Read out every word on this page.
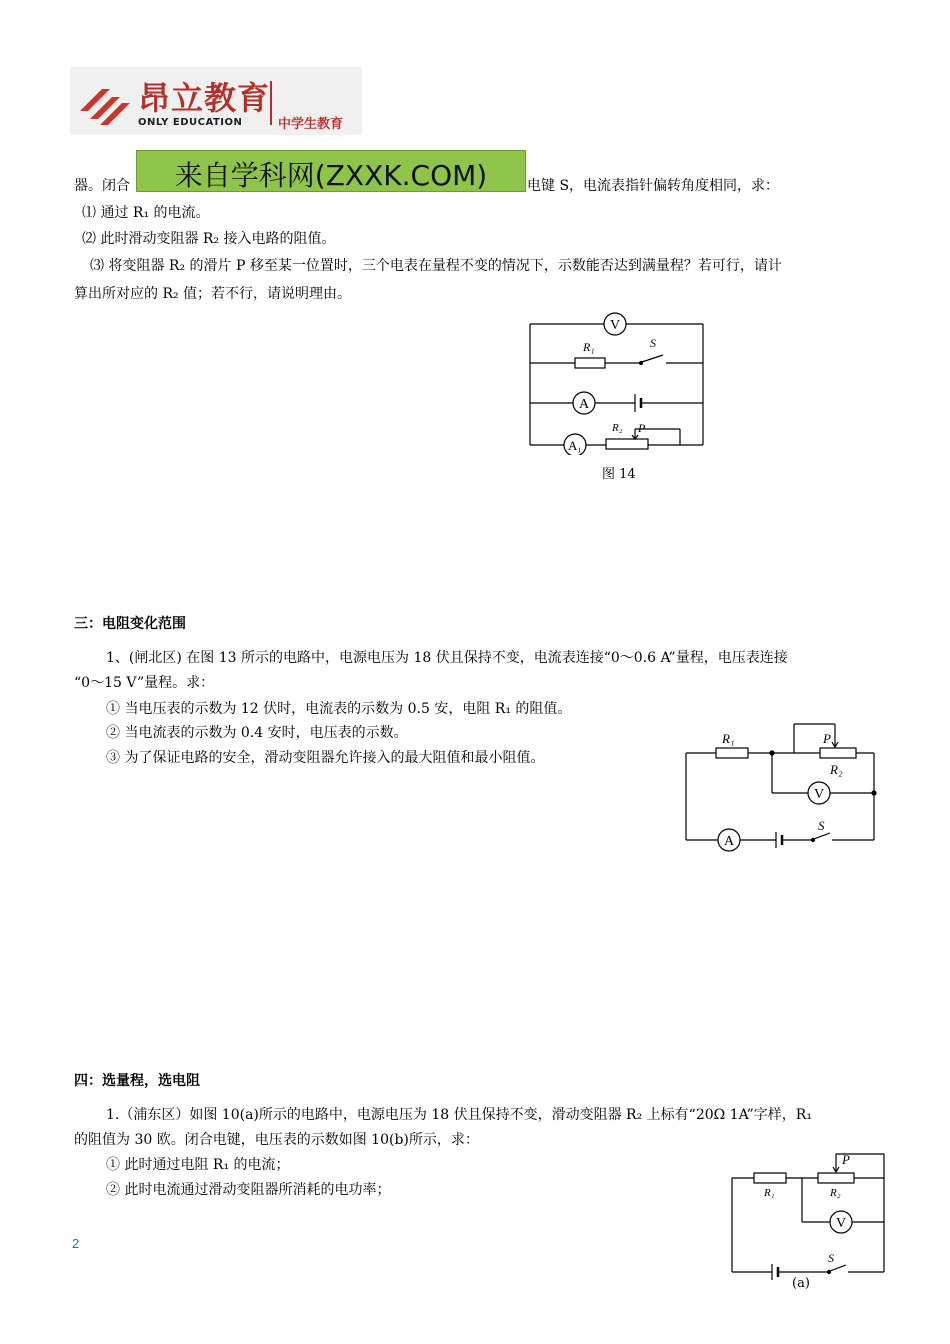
昂立教育
ONLY EDUCATION	中学生教育
器。闭合	来自学科网(ZXXK.COM)	电键 S，电流表指针偏转角度相同，求：
⑴ 通过 R₁ 的电流。
⑵ 此时滑动变阻器 R₂ 接入电路的阻值。
⑶ 将变阻器 R₂ 的滑片 P 移至某一位置时，三个电表在量程不变的情况下，示数能否达到满量程？若可行，请计
算出所对应的 R₂ 值；若不行，请说明理由。
V
R₁	S
A
A₁
R₂ P
图 14
三：电阻变化范围
1、(闸北区) 在图 13 所示的电路中，电源电压为 18 伏且保持不变，电流表连接“0～0.6 A”量程，电压表连接
“0～15 V”量程。求：
① 当电压表的示数为 12 伏时，电流表的示数为 0.5 安，电阻 R₁ 的阻值。
② 当电流表的示数为 0.4 安时，电压表的示数。
③ 为了保证电路的安全，滑动变阻器允许接入的最大阻值和最小阻值。
V
A
R₁	P
R₂
S
四：选量程，选电阻
1.（浦东区）如图 10(a)所示的电路中，电源电压为 18 伏且保持不变，滑动变阻器 R₂ 上标有“20Ω 1A”字样，R₁
的阻值为 30 欧。闭合电键，电压表的示数如图 10(b)所示，求：
① 此时通过电阻 R₁ 的电流；
② 此时电流通过滑动变阻器所消耗的电功率；
V
P
R₁	R₂
S
(a)
2
